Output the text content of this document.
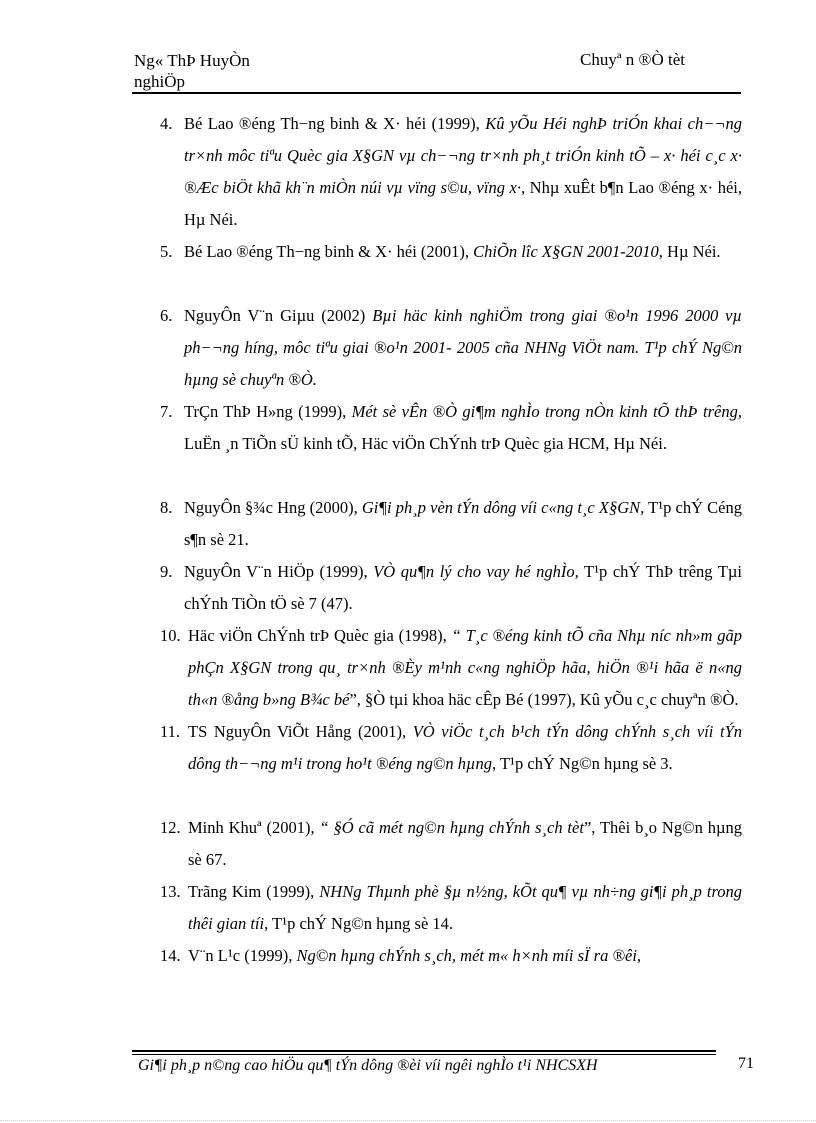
Ng« ThÞ HuyÒn
nghiÖp
Chuyª n ®Ò tèt
4. Bé Lao ®éng Th−ng binh & X· héi (1999), Kû yÕu Héi nghÞ triÓn khai ch−¬ng tr×nh môc tiªu Quèc gia X§GN vµ ch−¬ng tr×nh ph¸t triÓn kinh tÕ – x· héi c¸c x· ®Æc biÖt khã kh¨n miÒn núi vµ vïng s©u, vïng x·, Nhµ xuÊt b¶n Lao ®éng x· héi, Hµ Néi.
5. Bé Lao ®éng Th−ng binh & X· héi (2001), ChiÕn lîc X§GN 2001-2010, Hµ Néi.
6. NguyÔn V¨n Giµu (2002) Bµi häc kinh nghiÖm trong giai ®o¹n 1996 2000 vµ ph−¬ng híng, môc tiªu giai ®o¹n 2001- 2005 cña NHNg ViÖt nam. T¹p chÝ Ng©n hµng sè chuyªn ®Ò.
7. TrÇn ThÞ H»ng (1999), Mét sè vÊn ®Ò gi¶m nghÌo trong nÒn kinh tÕ thÞ trêng, LuËn ¸n TiÕn sÜ kinh tÕ, Häc viÖn ChÝnh trÞ Quèc gia HCM, Hµ Néi.
8. NguyÔn §¾c Hng (2000), Gi¶i ph¸p vèn tÝn dông víi c«ng t¸c X§GN, T¹p chÝ Céng s¶n sè 21.
9. NguyÔn V¨n HiÖp (1999), VÒ qu¶n lý cho vay hé nghÌo, T¹p chÝ ThÞ trêng Tµi chÝnh TiÒn tÖ sè 7 (47).
10. Häc viÖn ChÝnh trÞ Quèc gia (1998), “ T¸c ®éng kinh tÕ cña Nhµ níc nh»m gãp phÇn X§GN trong qu¸ tr×nh ®Èy m¹nh c«ng nghiÖp hãa, hiÖn ®¹i hãa ë n«ng th«n ®ång b»ng B¾c bé”, §Ò tµi khoa häc cÊp Bé (1997), Kû yÕu c¸c chuyªn ®Ò.
11. TS NguyÔn ViÕt Hång (2001), VÒ viÖc t¸ch b¹ch tÝn dông chÝnh s¸ch víi tÝn dông th−¬ng m¹i trong ho¹t ®éng ng©n hµng, T¹p chÝ Ng©n hµng sè 3.
12. Minh Khuª (2001), “ §Ó cã mét ng©n hµng chÝnh s¸ch tèt”, Thêi b¸o Ng©n hµng sè 67.
13. Trãng Kim (1999), NHNg Thµnh phè §µ n½ng, kÕt qu¶ vµ nh÷ng gi¶i ph¸p trong thêi gian tíi, T¹p chÝ Ng©n hµng sè 14.
14. V¨n L¹c (1999), Ng©n hµng chÝnh s¸ch, mét m« h×nh míi sÏ ra ®êi,
Gi¶i ph¸p n©ng cao hiÖu qu¶ tÝn dông ®èi víi ngêi nghÌo t¹i NHCSXH	71
